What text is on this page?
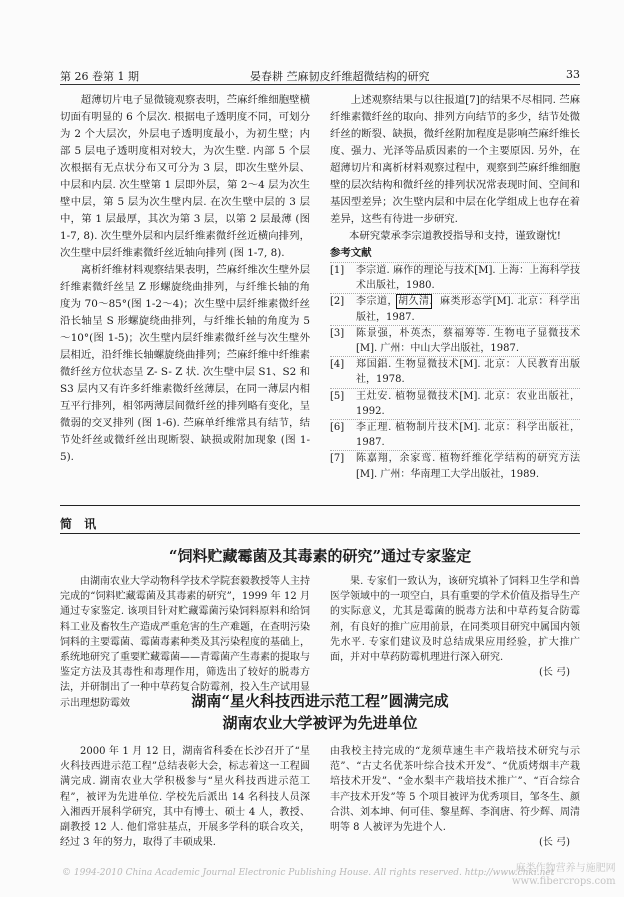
第 26 卷第 1 期	晏春耕 苎麻韧皮纤维超微结构的研究	33

超薄切片电子显微镜观察表明，苎麻纤维细胞壁横切面有明显的 6 个层次. 根据电子透明度不同，可划分为 2 个大层次，外层电子透明度最小，为初生壁；内部 5 层电子透明度相对较大，为次生壁. 内部 5 个层次根据有无点状分布又可分为 3 层，即次生壁外层、中层和内层. 次生壁第 1 层即外层，第 2～4 层为次生壁中层，第 5 层为次生壁内层. 在次生壁中层的 3 层中，第 1 层最厚，其次为第 3 层，以第 2 层最薄 (图 1-7, 8). 次生壁外层和内层纤维素微纤丝近横向排列，次生壁中层纤维素微纤丝近轴向排列 (图 1-7, 8).

离析纤维材料观察结果表明，苎麻纤维次生壁外层纤维素微纤丝呈 Z 形螺旋绕曲排列，与纤维长轴的角度为 70～85°(图 1-2～4)；次生壁中层纤维素微纤丝沿长轴呈 S 形螺旋绕曲排列，与纤维长轴的角度为 5～10°(图 1-5)；次生壁内层纤维素微纤丝与次生壁外层相近，沿纤维长轴螺旋绕曲排列；苎麻纤维中纤维素微纤丝方位状态呈 Z- S- Z 状. 次生壁中层 S1、S2 和 S3 层内又有许多纤维素微纤丝薄层，在同一薄层内相互平行排列，相邻两薄层间微纤丝的排列略有变化，呈微弱的交叉排列 (图 1-6). 苎麻单纤维常具有结节，结节处纤丝或微纤丝出现断裂、缺损或附加现象 (图 1-5).

上述观察结果与以往报道[7]的结果不尽相同. 苎麻纤维素微纤丝的取向、排列方向结节的多少，结节处微纤丝的断裂、缺损，微纤丝附加程度是影响苎麻纤维长度、强力、光泽等品质因素的一个主要原因. 另外，在超薄切片和离析材料观察过程中，观察到苎麻纤维细胞壁的层次结构和微纤丝的排列状况常表现时间、空间和基因型差异；次生壁内层和中层在化学组成上也存在着差异，这些有待进一步研究.

本研究蒙承李宗道教授指导和支持，谨致谢忱!

参考文献

[1] 李宗道. 麻作的理论与技术[M]. 上海：上海科学技术出版社，1980.
[2] 李宗道，胡久清．麻类形态学[M]. 北京：科学出版社，1987.
[3] 陈景强，朴英杰，蔡福筹等. 生物电子显微技术[M]. 广州：中山大学出版社，1987.
[4] 郑国錩. 生物显微技术[M]. 北京：人民教育出版社，1978.
[5] 王灶安. 植物显微技术[M]. 北京：农业出版社，1992.
[6] 李正理. 植物制片技术[M]. 北京：科学出版社，1987.
[7] 陈嘉翔，余家鸾. 植物纤维化学结构的研究方法[M]. 广州：华南理工大学出版社，1989.
简 讯
“饲料贮藏霉菌及其毒素的研究”通过专家鉴定

由湖南农业大学动物科学技术学院套毅教授等人主持完成的“饲料贮藏霉菌及其毒素的研究”，1999 年 12 月通过专家鉴定. 该项目针对贮藏霉菌污染饲料原料和给饲料工业及畜牧生产造成严重危害的生产难题，在查明污染饲料的主要霉菌、霉菌毒素种类及其污染程度的基础上，系统地研究了重要贮藏霉菌——青霉菌产生毒素的提取与鉴定方法及其毒性和毒理作用，筛选出了较好的脱毒方法，并研制出了一种中草药复合防霉剂，投入生产试用显示出理想防霉效

果. 专家们一致认为，该研究填补了饲料卫生学和兽医学领域中的一项空白，具有重要的学术价值及指导生产的实际意义，尤其是霉菌的脱毒方法和中草药复合防霉剂，有良好的推广应用前景，在同类项目研究中属国内领先水平. 专家们建议及时总结成果应用经验，扩大推广面，并对中草药防霉机理进行深入研究.

(长 弓)
湖南“星火科技西进示范工程”圆满完成
湖南农业大学被评为先进单位

2000 年 1 月 12 日，湖南省科委在长沙召开了“星火科技西进示范工程”总结表彰大会，标志着这一工程圆满完成. 湖南农业大学积极参与“星火科技西进示范工程”，被评为先进单位. 学校先后派出 14 名科技人员深入湘西开展科学研究，其中有博士、硕士 4 人，教授、副教授 12 人. 他们常驻基点，开展多学科的联合攻关，经过 3 年的努力，取得了丰硕成果.

由我校主持完成的“龙须草速生丰产栽培技术研究与示范”、“古丈名优茶叶综合技术开发”、“优质烤烟丰产栽培技术开发”、“金水梨丰产栽培技术推广”、“百合综合丰产技术开发”等 5 个项目被评为优秀项目，邹冬生、颜合洪、刘本坤、何可佳、黎星辉、李润唐、符少辉、周清明等 8 人被评为先进个人.

(长 弓)
© 1994-2010 China Academic Journal Electronic Publishing House. All rights reserved. http://www.cnki.net
麻类作物营养与施肥网
www.fibercrops.com
